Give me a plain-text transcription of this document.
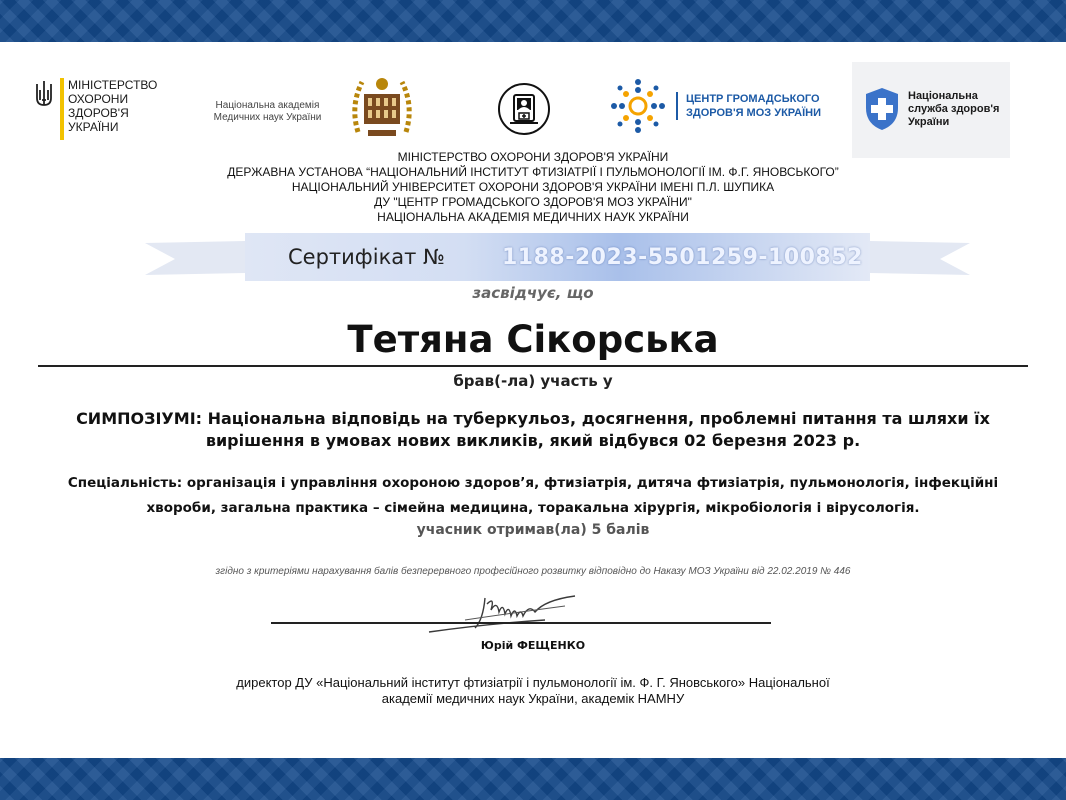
МІНІСТЕРСТВО
ОХОРОНИ
ЗДОРОВ'Я
УКРАЇНИ
Національна академія Медичних наук України
ЦЕНТР ГРОМАДСЬКОГО
ЗДОРОВ'Я МОЗ УКРАЇНИ
Національна
служба здоров'я
України
МІНІСТЕРСТВО ОХОРОНИ ЗДОРОВ'Я УКРАЇНИ
ДЕРЖАВНА УСТАНОВА “НАЦІОНАЛЬНИЙ ІНСТИТУТ ФТИЗІАТРІЇ І ПУЛЬМОНОЛОГІЇ ІМ. Ф.Г. ЯНОВСЬКОГО”
НАЦІОНАЛЬНИЙ УНІВЕРСИТЕТ ОХОРОНИ ЗДОРОВ'Я УКРАЇНИ ІМЕНІ П.Л. ШУПИКА
ДУ "ЦЕНТР ГРОМАДСЬКОГО ЗДОРОВ'Я МОЗ УКРАЇНИ"
НАЦІОНАЛЬНА АКАДЕМІЯ МЕДИЧНИХ НАУК УКРАЇНИ
Сертифікат №	1188-2023-5501259-100852
засвідчує, що
Тетяна Сікорська
брав(-ла) участь у
СИМПОЗІУМІ: Національна відповідь на туберкульоз, досягнення, проблемні питання та шляхи їх
вирішення в умовах нових викликів, який відбувся 02 березня 2023 р.
Спеціальність: організація і управління охороною здоров’я, фтизіатрія, дитяча фтизіатрія, пульмонологія, інфекційні
хвороби, загальна практика – сімейна медицина, торакальна хірургія, мікробіологія і вірусологія.
учасник отримав(ла) 5 балів
згідно з критеріями нарахування балів безперервного професійного розвитку відповідно до Наказу МОЗ України від 22.02.2019 № 446
Юрій ФЕЩЕНКО
директор ДУ «Національний інститут фтизіатрії і пульмонології ім. Ф. Г. Яновського» Національної
академії медичних наук України, академік НАМНУ
